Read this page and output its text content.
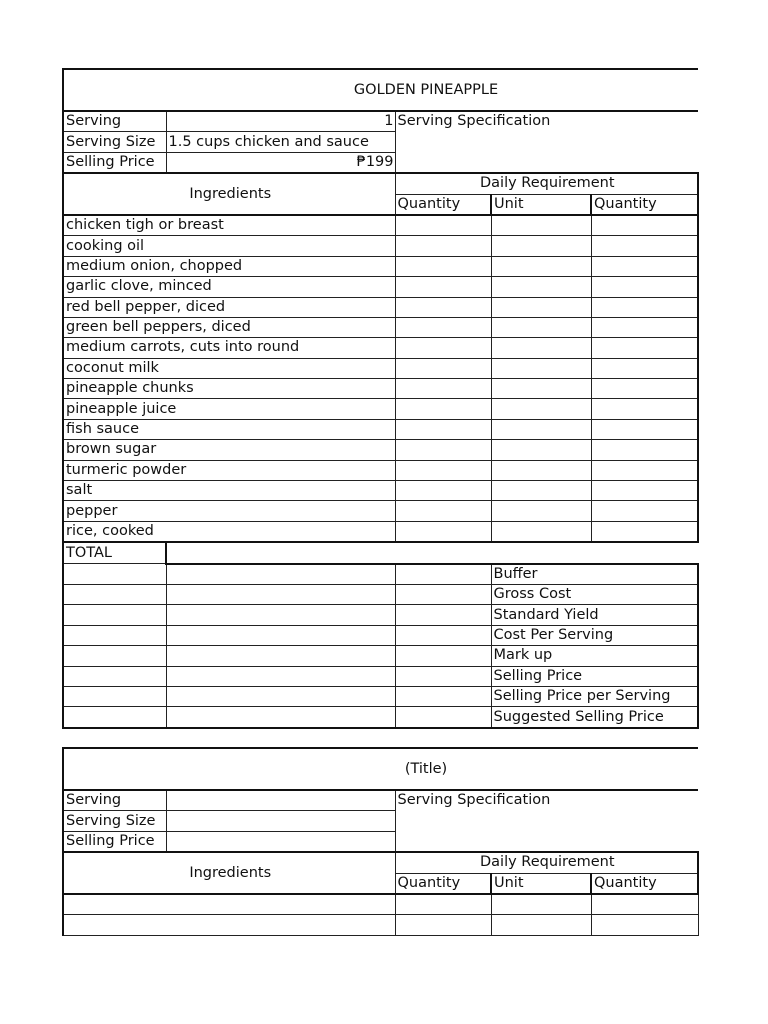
GOLDEN PINEAPPLE				
Serving	1	Serving Specification		
Serving Size	1.5 cups chicken and sauce			
Selling Price	₱199			
Ingredients		Daily Requirement		
		Quantity	Unit	Quantity
chicken tigh or breast				
cooking oil				
medium onion, chopped				
garlic clove, minced				
red bell pepper, diced				
green bell peppers, diced				
medium carrots, cuts into round				
coconut milk				
pineapple chunks				
pineapple juice				
fish sauce				
brown sugar				
turmeric powder				
salt				
pepper				
rice, cooked				
TOTAL				
			Buffer	
			Gross Cost	
			Standard Yield	
			Cost Per Serving	
			Mark up	
			Selling Price	
			Selling Price per Serving	
			Suggested Selling Price	
(Title)				
Serving		Serving Specification		
Serving Size				
Selling Price				
Ingredients		Daily Requirement		
		Quantity	Unit	Quantity
